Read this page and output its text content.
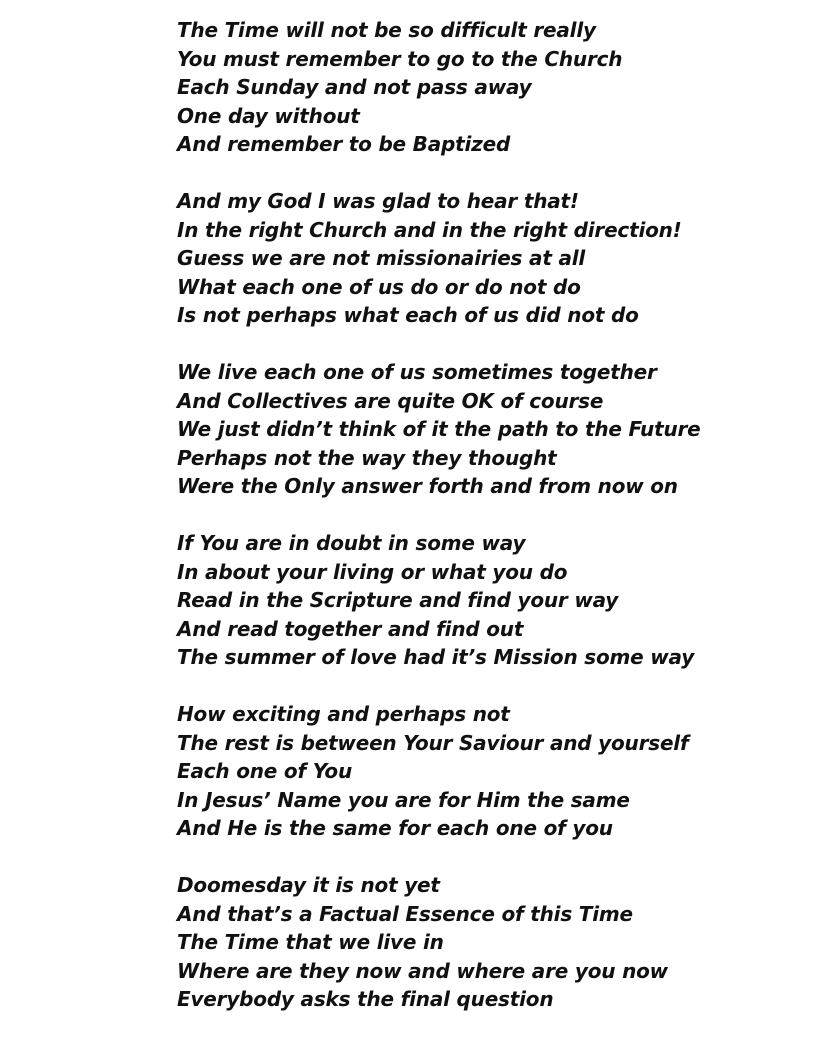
The Time will not be so difficult really
You must remember to go to the Church
Each Sunday and not pass away
One day without
And remember to be Baptized
And my God I was glad to hear that!
In the right Church and in the right direction!
Guess we are not missionairies at all
What each one of us do or do not do
Is not perhaps what each of us did not do
We live each one of us sometimes together
And Collectives are quite OK of course
We just didn’t think of it the path to the Future
Perhaps not the way they thought
Were the Only answer forth and from now on
If You are in doubt in some way
In about your living or what you do
Read in the Scripture and find your way
And read together and find out
The summer of love had it’s Mission some way
How exciting and perhaps not
The rest is between Your Saviour and yourself
Each one of You
In Jesus’ Name you are for Him the same
And He is the same for each one of you
Doomesday it is not yet
And that’s a Factual Essence of this Time
The Time that we live in
Where are they now and where are you now
Everybody asks the final question
